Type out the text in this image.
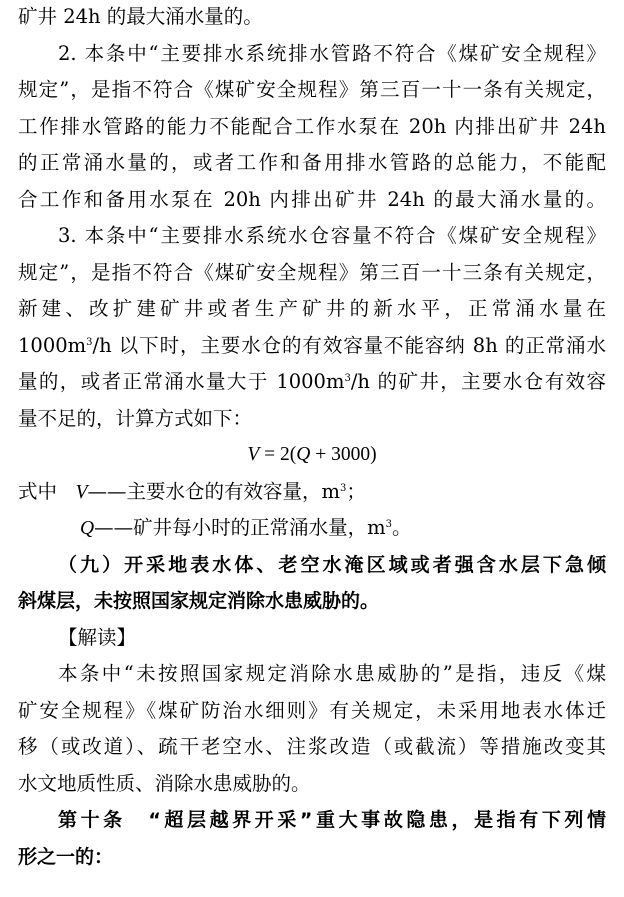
矿井 24h 的最大涌水量的。
2. 本条中“主要排水系统排水管路不符合《煤矿安全规程》
规定”，是指不符合《煤矿安全规程》第三百一十一条有关规定，
工作排水管路的能力不能配合工作水泵在 20h 内排出矿井 24h
的正常涌水量的，或者工作和备用排水管路的总能力，不能配
合工作和备用水泵在 20h 内排出矿井 24h 的最大涌水量的。
3. 本条中“主要排水系统水仓容量不符合《煤矿安全规程》
规定”，是指不符合《煤矿安全规程》第三百一十三条有关规定，
新建、改扩建矿井或者生产矿井的新水平，正常涌水量在
$1000m^3/h$ 以下时，主要水仓的有效容量不能容纳 8h 的正常涌水
量的，或者正常涌水量大于 $1000m^3/h$ 的矿井，主要水仓有效容
量不足的，计算方式如下：
V = 2(Q + 3000)
式中 V——主要水仓的有效容量，$m^3$；
Q——矿井每小时的正常涌水量，$m^3$。
（九）开采地表水体、老空水淹区域或者强含水层下急倾
斜煤层，未按照国家规定消除水患威胁的。
【解读】
本条中“未按照国家规定消除水患威胁的”是指，违反《煤
矿安全规程》《煤矿防治水细则》有关规定，未采用地表水体迁
移（或改道）、疏干老空水、注浆改造（或截流）等措施改变其
水文地质性质、消除水患威胁的。
第十条　“超层越界开采”重大事故隐患，是指有下列情
形之一的：
